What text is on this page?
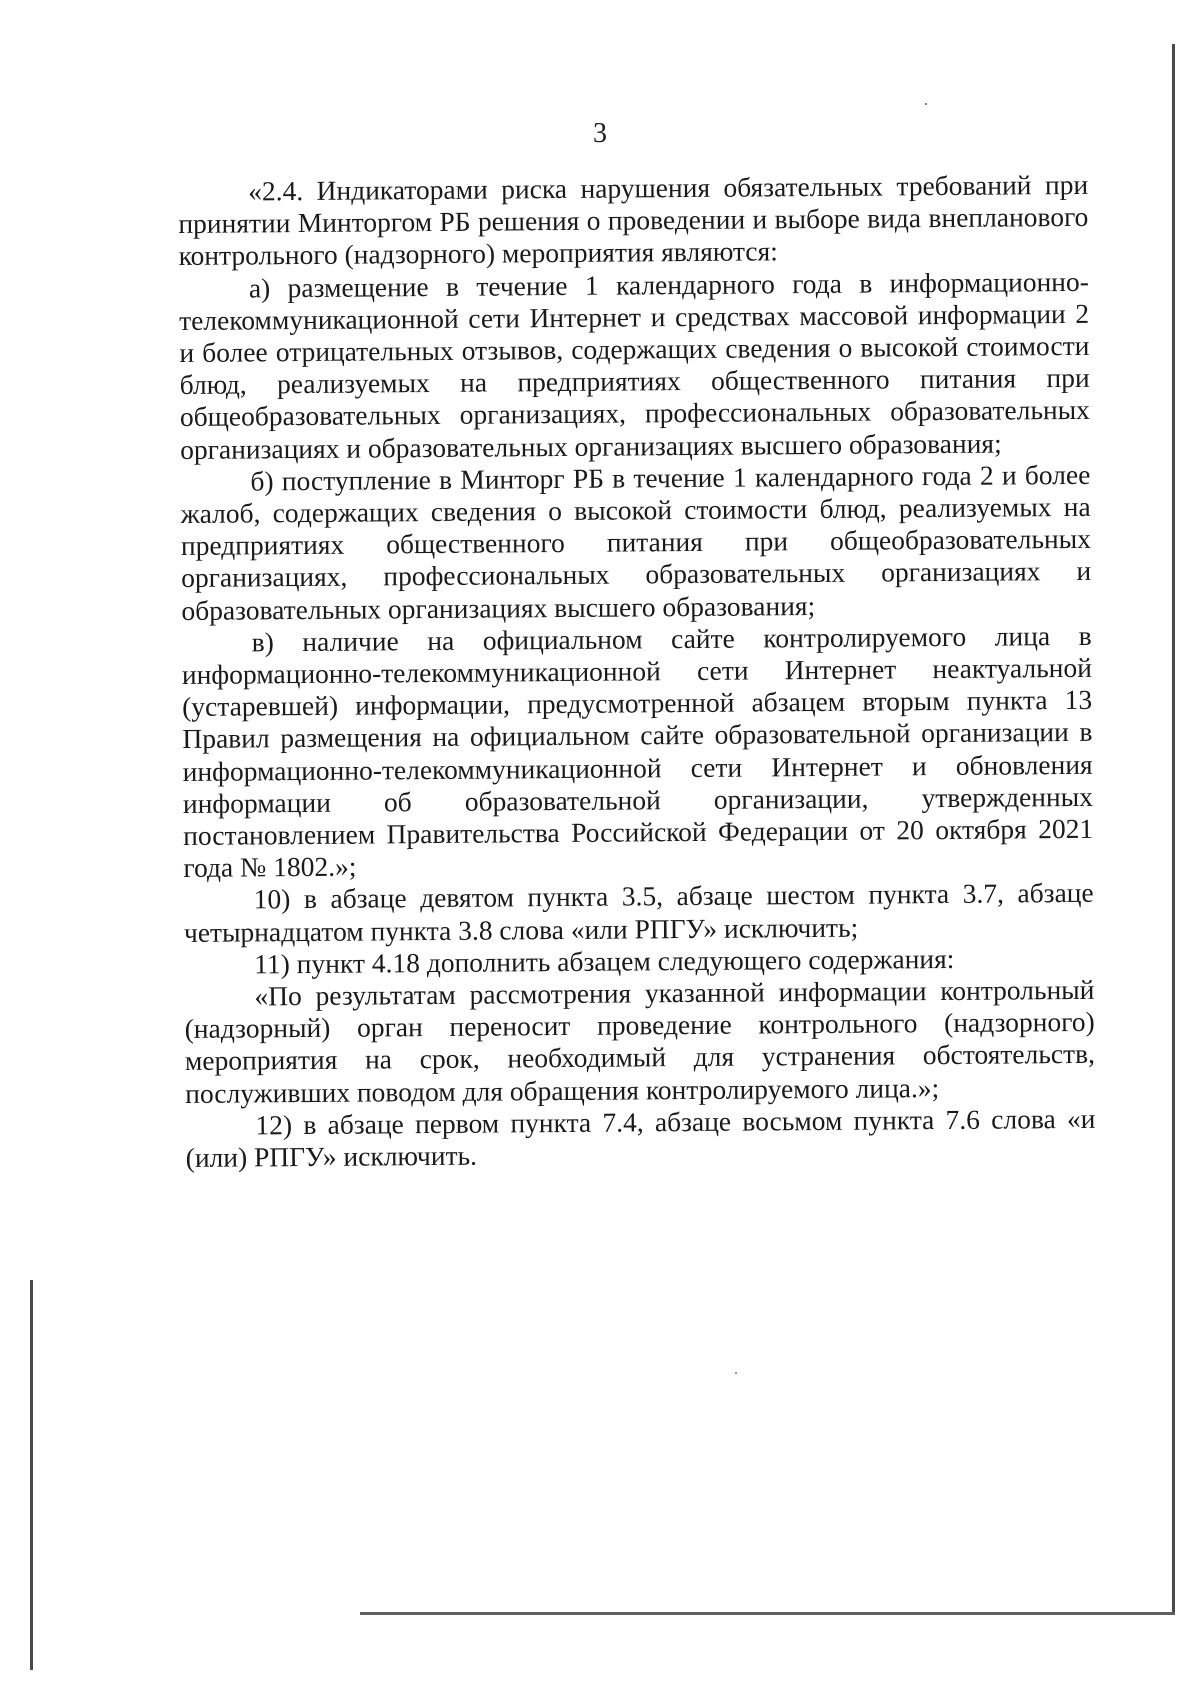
3

«2.4. Индикаторами риска нарушения обязательных требований при принятии Минторгом РБ решения о проведении и выборе вида внепланового контрольного (надзорного) мероприятия являются:

а) размещение в течение 1 календарного года в информационно-телекоммуникационной сети Интернет и средствах массовой информации 2 и более отрицательных отзывов, содержащих сведения о высокой стоимости блюд, реализуемых на предприятиях общественного питания при общеобразовательных организациях, профессиональных образовательных организациях и образовательных организациях высшего образования;

б) поступление в Минторг РБ в течение 1 календарного года 2 и более жалоб, содержащих сведения о высокой стоимости блюд, реализуемых на предприятиях общественного питания при общеобразовательных организациях, профессиональных образовательных организациях и образовательных организациях высшего образования;

в) наличие на официальном сайте контролируемого лица в информационно-телекоммуникационной сети Интернет неактуальной (устаревшей) информации, предусмотренной абзацем вторым пункта 13 Правил размещения на официальном сайте образовательной организации в информационно-телекоммуникационной сети Интернет и обновления информации об образовательной организации, утвержденных постановлением Правительства Российской Федерации от 20 октября 2021 года № 1802.»;

10) в абзаце девятом пункта 3.5, абзаце шестом пункта 3.7, абзаце четырнадцатом пункта 3.8 слова «или РПГУ» исключить;

11) пункт 4.18 дополнить абзацем следующего содержания:

«По результатам рассмотрения указанной информации контрольный (надзорный) орган переносит проведение контрольного (надзорного) мероприятия на срок, необходимый для устранения обстоятельств, послуживших поводом для обращения контролируемого лица.»;

12) в абзаце первом пункта 7.4, абзаце восьмом пункта 7.6 слова «и (или) РПГУ» исключить.
